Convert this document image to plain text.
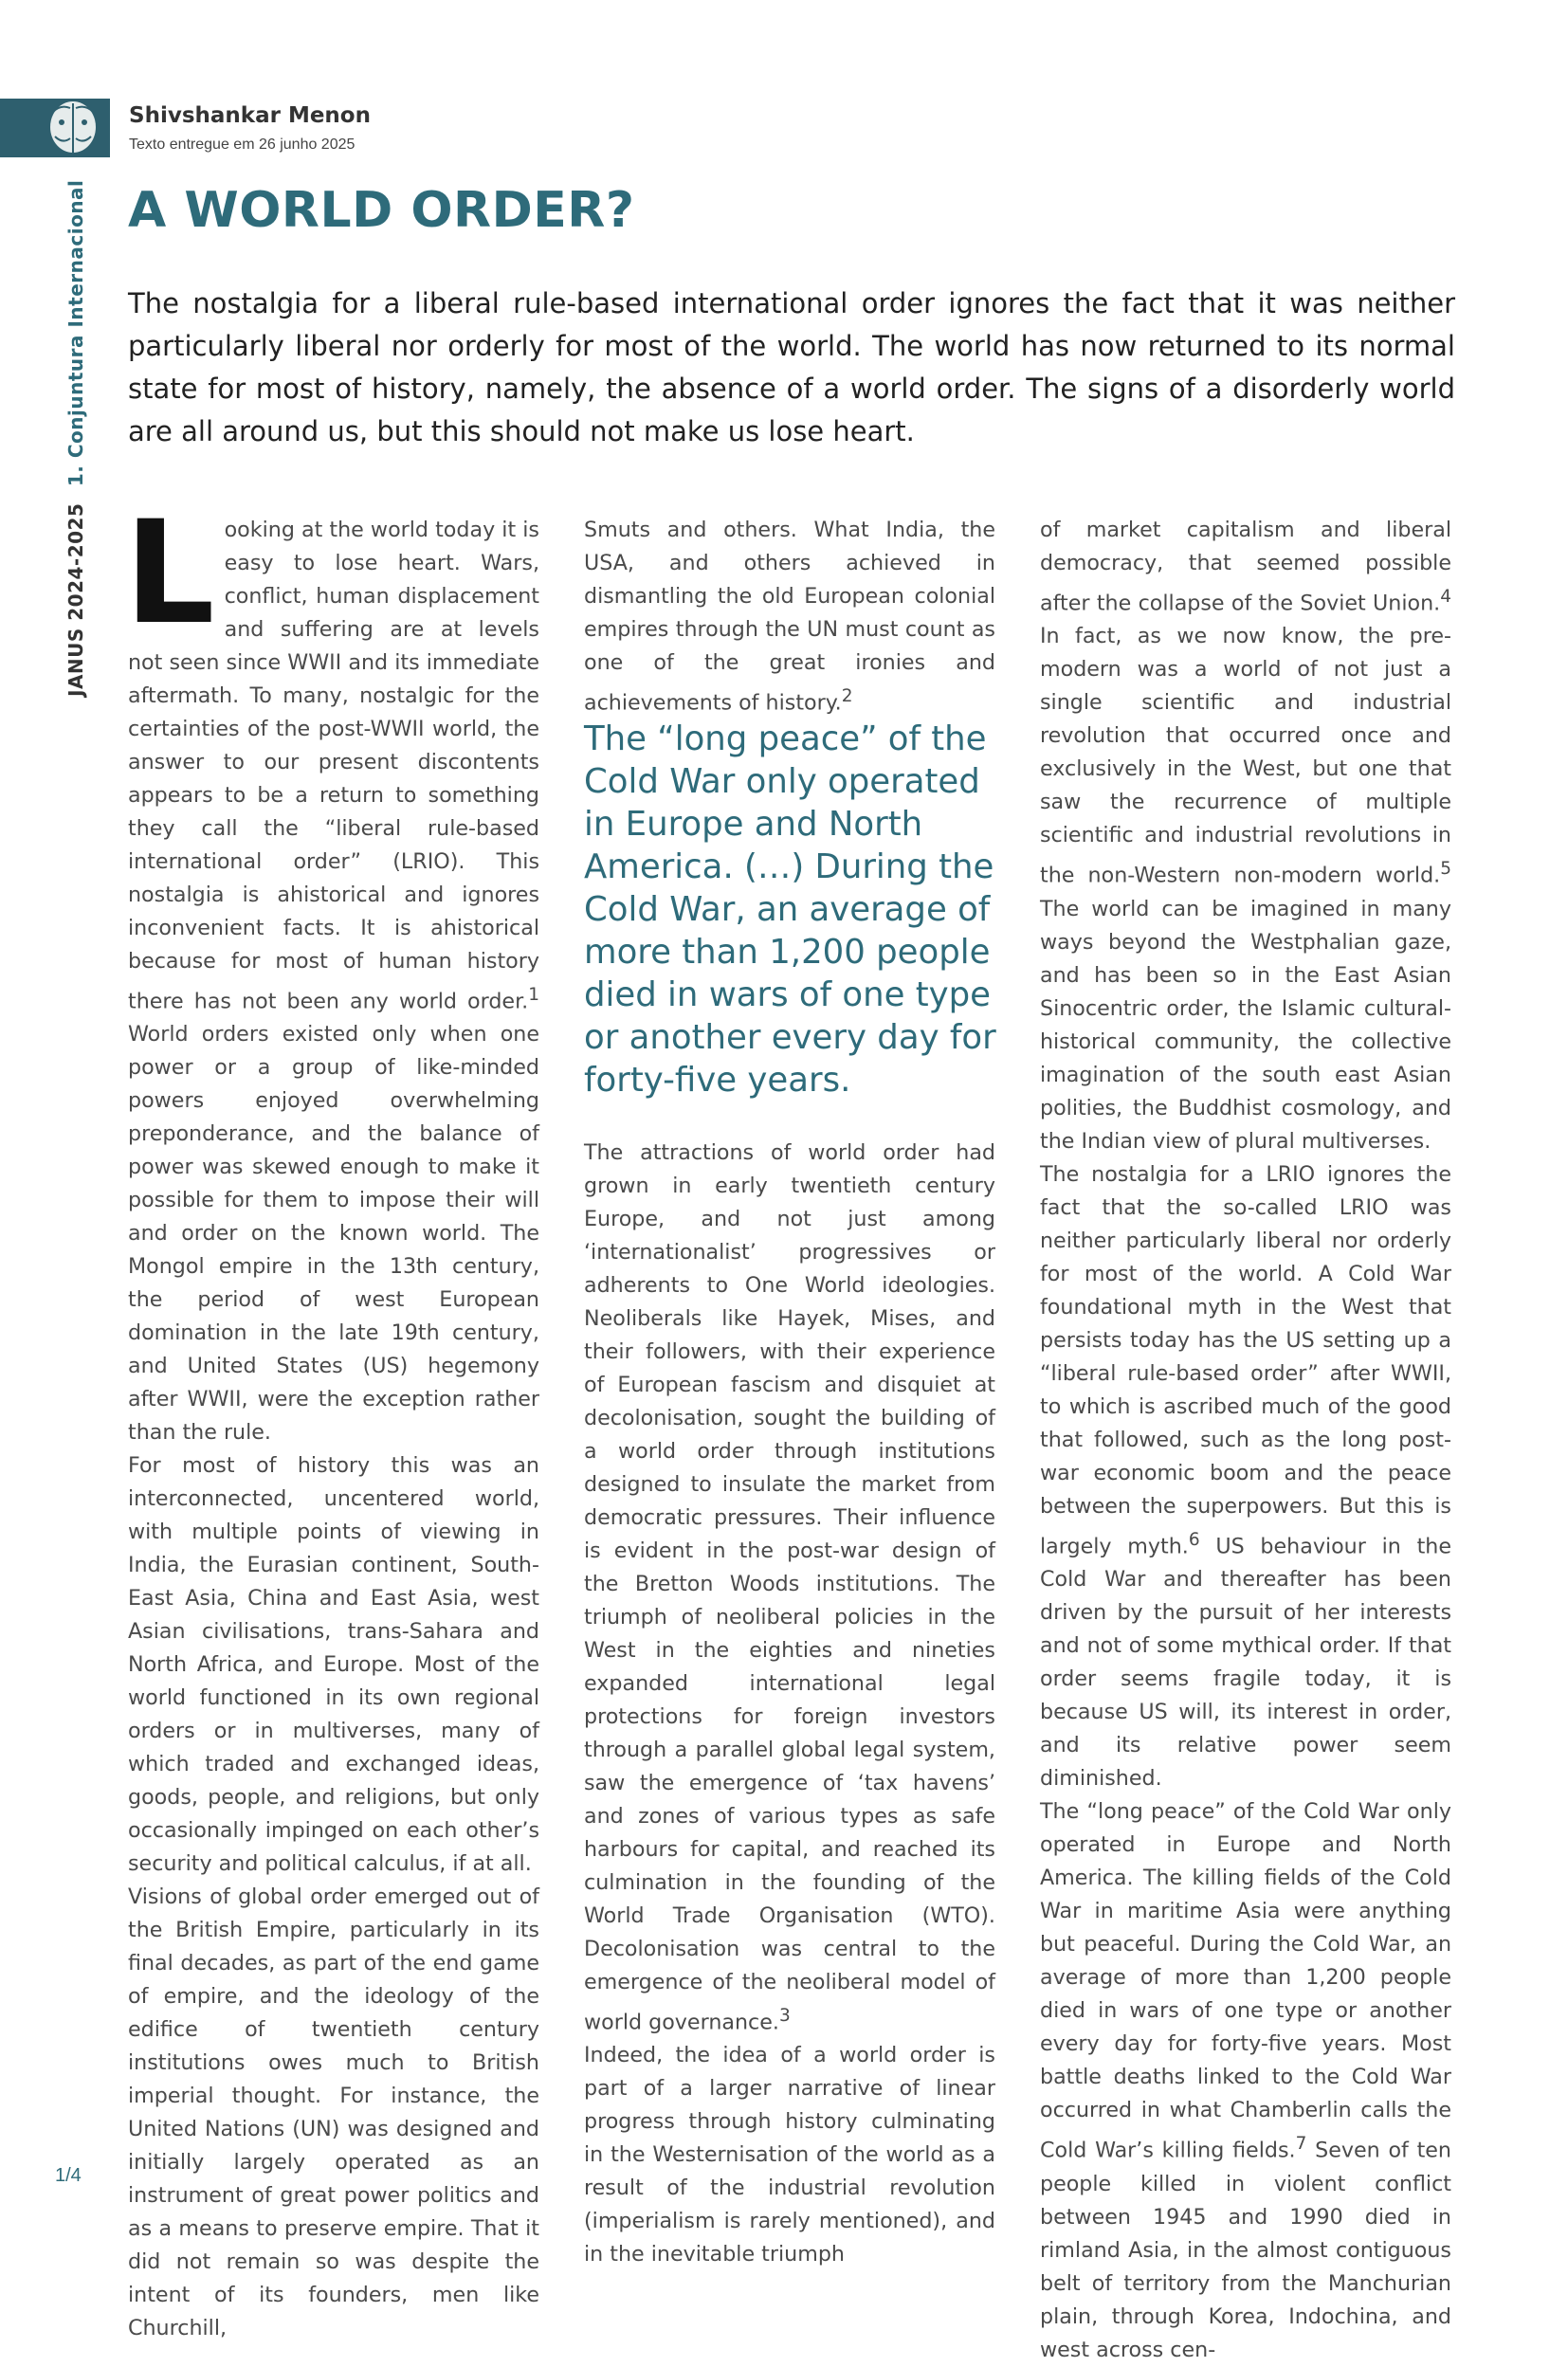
Shivshankar Menon
Texto entregue em 26 junho 2025
JANUS 2024-2025 1. Conjuntura Internacional A WORLD ORDER?

The nostalgia for a liberal rule-based international order ignores the fact that it was neither particularly liberal nor orderly for most of the world. The world has now returned to its normal state for most of history, namely, the absence of a world order. The signs of a disorderly world are all around us, but this should not make us lose heart.

Looking at the world today it is easy to lose heart. Wars, conflict, human displacement and suffering are at levels not seen since WWII and its immediate aftermath. To many, nostalgic for the certainties of the post-WWII world, the answer to our present discontents appears to be a return to something they call the “liberal rule-based international order” (LRIO). This nostalgia is ahistorical and ignores inconvenient facts. It is ahistorical because for most of human history there has not been any world order.$^1$ World orders existed only when one power or a group of like-minded powers enjoyed overwhelming preponderance, and the balance of power was skewed enough to make it possible for them to impose their will and order on the known world. The Mongol empire in the 13th century, the period of west European domination in the late 19th century, and United States (US) hegemony after WWII, were the exception rather than the rule.

For most of history this was an interconnected, uncentered world, with multiple points of viewing in India, the Eurasian continent, South-East Asia, China and East Asia, west Asian civilisations, trans-Sahara and North Africa, and Europe. Most of the world functioned in its own regional orders or in multiverses, many of which traded and exchanged ideas, goods, people, and religions, but only occasionally impinged on each other’s security and political calculus, if at all.

Visions of global order emerged out of the British Empire, particularly in its final decades, as part of the end game of empire, and the ideology of the edifice of twentieth century institutions owes much to British imperial thought. For instance, the United Nations (UN) was designed and initially largely operated as an instrument of great power politics and as a means to preserve empire. That it did not remain so was despite the intent of its founders, men like Churchill,

Smuts and others. What India, the USA, and others achieved in dismantling the old European colonial empires through the UN must count as one of the great ironies and achievements of history.$^2$

The “long peace” of the Cold War only operated in Europe and North America. (…) During the Cold War, an average of more than 1,200 people died in wars of one type or another every day for forty-five years.

The attractions of world order had grown in early twentieth century Europe, and not just among ‘internationalist’ progressives or adherents to One World ideologies. Neoliberals like Hayek, Mises, and their followers, with their experience of European fascism and disquiet at decolonisation, sought the building of a world order through institutions designed to insulate the market from democratic pressures. Their influence is evident in the post-war design of the Bretton Woods institutions. The triumph of neoliberal policies in the West in the eighties and nineties expanded international legal protections for foreign investors through a parallel global legal system, saw the emergence of ‘tax havens’ and zones of various types as safe harbours for capital, and reached its culmination in the founding of the World Trade Organisation (WTO). Decolonisation was central to the emergence of the neoliberal model of world governance.$^3$

Indeed, the idea of a world order is part of a larger narrative of linear progress through history culminating in the Westernisation of the world as a result of the industrial revolution (imperialism is rarely mentioned), and in the inevitable triumph

of market capitalism and liberal democracy, that seemed possible after the collapse of the Soviet Union.$^4$ In fact, as we now know, the pre-modern was a world of not just a single scientific and industrial revolution that occurred once and exclusively in the West, but one that saw the recurrence of multiple scientific and industrial revolutions in the non-Western non-modern world.$^5$ The world can be imagined in many ways beyond the Westphalian gaze, and has been so in the East Asian Sinocentric order, the Islamic cultural-historical community, the collective imagination of the south east Asian polities, the Buddhist cosmology, and the Indian view of plural multiverses.

The nostalgia for a LRIO ignores the fact that the so-called LRIO was neither particularly liberal nor orderly for most of the world. A Cold War foundational myth in the West that persists today has the US setting up a “liberal rule-based order” after WWII, to which is ascribed much of the good that followed, such as the long post-war economic boom and the peace between the superpowers. But this is largely myth.$^6$ US behaviour in the Cold War and thereafter has been driven by the pursuit of her interests and not of some mythical order. If that order seems fragile today, it is because US will, its interest in order, and its relative power seem diminished.

The “long peace” of the Cold War only operated in Europe and North America. The killing fields of the Cold War in maritime Asia were anything but peaceful. During the Cold War, an average of more than 1,200 people died in wars of one type or another every day for forty-five years. Most battle deaths linked to the Cold War occurred in what Chamberlin calls the Cold War’s killing fields.$^7$ Seven of ten people killed in violent conflict between 1945 and 1990 died in rimland Asia, in the almost contiguous belt of territory from the Manchurian plain, through Korea, Indochina, and west across cen-

1/4
